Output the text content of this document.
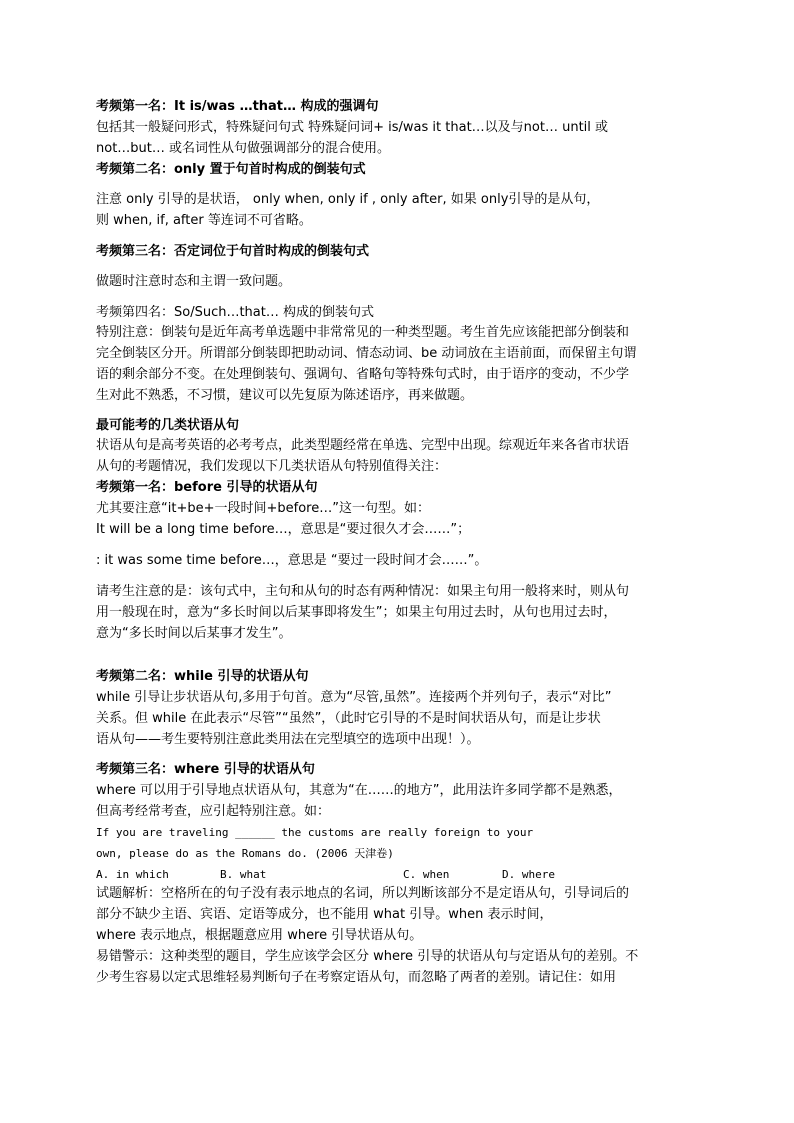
考频第一名：It is/was …that… 构成的强调句
包括其一般疑问形式，特殊疑问句式 特殊疑问词+ is/was it that…以及与not… until 或
not…but… 或名词性从句做强调部分的混合使用。
考频第二名：only 置于句首时构成的倒装句式
注意 only 引导的是状语， only when, only if , only after, 如果 only引导的是从句，
则 when, if, after 等连词不可省略。
考频第三名：否定词位于句首时构成的倒装句式
做题时注意时态和主谓一致问题。
考频第四名：So/Such…that… 构成的倒装句式
特别注意：倒装句是近年高考单选题中非常常见的一种类型题。考生首先应该能把部分倒装和
完全倒装区分开。所谓部分倒装即把助动词、情态动词、be 动词放在主语前面，而保留主句谓
语的剩余部分不变。在处理倒装句、强调句、省略句等特殊句式时，由于语序的变动，不少学
生对此不熟悉，不习惯，建议可以先复原为陈述语序，再来做题。
最可能考的几类状语从句
状语从句是高考英语的必考考点，此类型题经常在单选、完型中出现。综观近年来各省市状语
从句的考题情况，我们发现以下几类状语从句特别值得关注：
考频第一名：before 引导的状语从句
尤其要注意“it+be+一段时间+before…”这一句型。如：
It will be a long time before…，意思是“要过很久才会……”；
: it was some time before…，意思是 “要过一段时间才会……”。
请考生注意的是：该句式中，主句和从句的时态有两种情况：如果主句用一般将来时，则从句
用一般现在时，意为“多长时间以后某事即将发生”；如果主句用过去时，从句也用过去时，
意为“多长时间以后某事才发生”。
考频第二名：while 引导的状语从句
while 引导让步状语从句,多用于句首。意为“尽管,虽然”。连接两个并列句子，表示“对比”
关系。但 while 在此表示“尽管”“虽然”，（此时它引导的不是时间状语从句，而是让步状
语从句——考生要特别注意此类用法在完型填空的选项中出现！）。
考频第三名：where 引导的状语从句
where 可以用于引导地点状语从句，其意为“在……的地方”，此用法许多同学都不是熟悉，
但高考经常考查，应引起特别注意。如：
If you are traveling ______ the customs are really foreign to your
own, please do as the Romans do. (2006 天津卷)
A. in which	B. what	C. when	D. where
试题解析：空格所在的句子没有表示地点的名词，所以判断该部分不是定语从句，引导词后的
部分不缺少主语、宾语、定语等成分，也不能用 what 引导。when 表示时间，
where 表示地点，根据题意应用 where 引导状语从句。
易错警示：这种类型的题目，学生应该学会区分 where 引导的状语从句与定语从句的差别。不
少考生容易以定式思维轻易判断句子在考察定语从句，而忽略了两者的差别。请记住：如用
